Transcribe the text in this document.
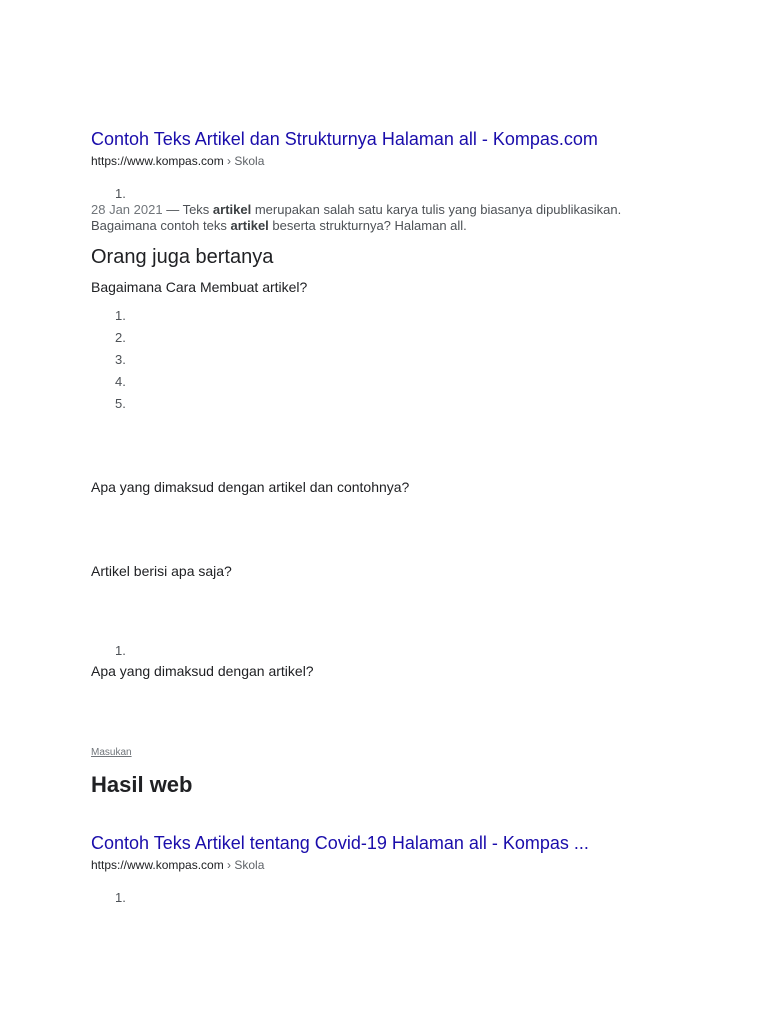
Contoh Teks Artikel dan Strukturnya Halaman all - Kompas.com
https://www.kompas.com › Skola
1.
28 Jan 2021 — Teks artikel merupakan salah satu karya tulis yang biasanya dipublikasikan.
Bagaimana contoh teks artikel beserta strukturnya? Halaman all.
Orang juga bertanya
Bagaimana Cara Membuat artikel?
1.
2.
3.
4.
5.
Apa yang dimaksud dengan artikel dan contohnya?
Artikel berisi apa saja?
1.
Apa yang dimaksud dengan artikel?
Masukan
Hasil web
Contoh Teks Artikel tentang Covid-19 Halaman all - Kompas ...
https://www.kompas.com › Skola
1.
